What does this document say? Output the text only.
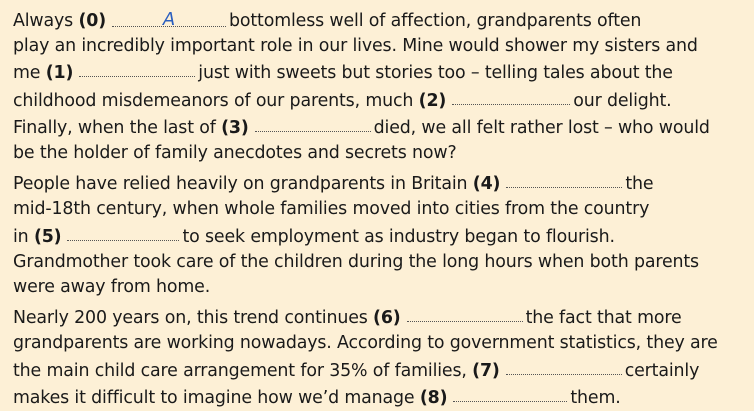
Always (0)	A	bottomless well of affection, grandparents often
play an incredibly important role in our lives. Mine would shower my sisters and
me (1)	just with sweets but stories too – telling tales about the
childhood misdemeanors of our parents, much (2)	our delight.
Finally, when the last of (3)	died, we all felt rather lost – who would
be the holder of family anecdotes and secrets now?
People have relied heavily on grandparents in Britain (4)	the
mid-18th century, when whole families moved into cities from the country
in (5)	to seek employment as industry began to flourish.
Grandmother took care of the children during the long hours when both parents
were away from home.
Nearly 200 years on, this trend continues (6)	the fact that more
grandparents are working nowadays. According to government statistics, they are
the main child care arrangement for 35% of families, (7)	certainly
makes it difficult to imagine how we’d manage (8)	them.
